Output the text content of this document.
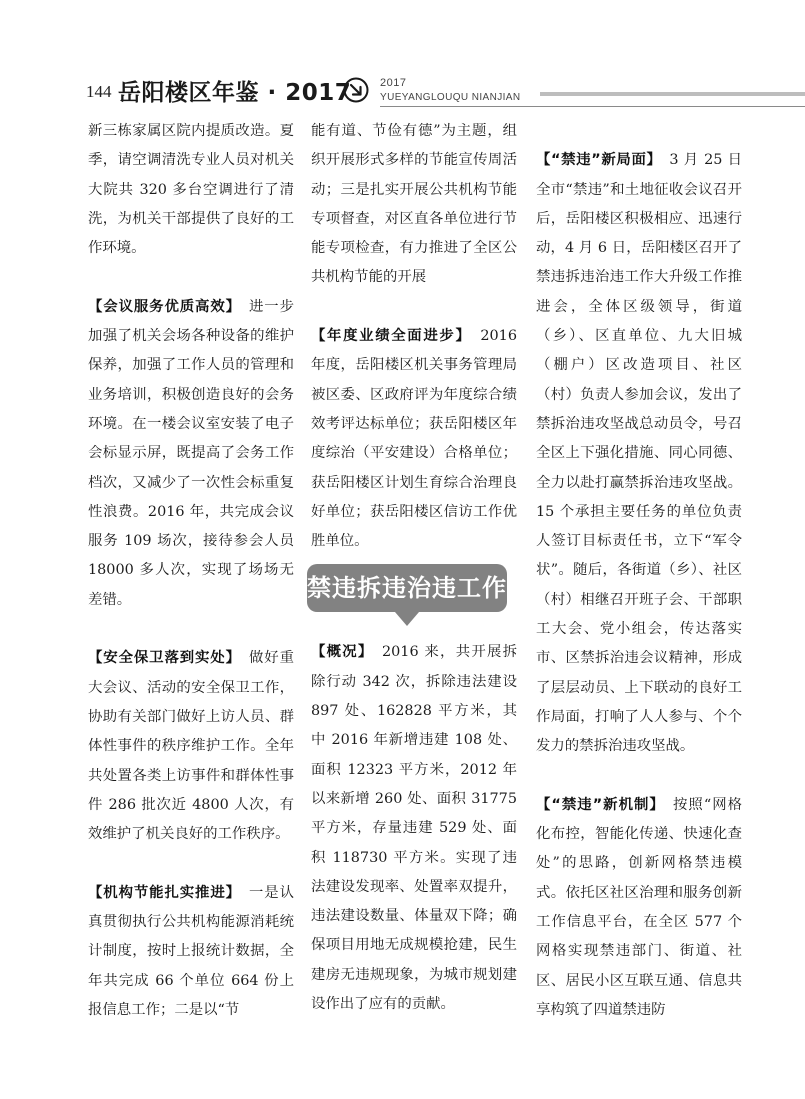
144 岳阳楼区年鉴 · 2017	2017
YUEYANGLOUQU NIANJIAN

新三栋家属区院内提质改造。夏季，请空调清洗专业人员对机关大院共 320 多台空调进行了清洗，为机关干部提供了良好的工作环境。

【会议服务优质高效】　进一步加强了机关会场各种设备的维护保养，加强了工作人员的管理和业务培训，积极创造良好的会务环境。在一楼会议室安装了电子会标显示屏，既提高了会务工作档次，又减少了一次性会标重复性浪费。2016 年，共完成会议服务 109 场次，接待参会人员 18000 多人次，实现了场场无差错。

【安全保卫落到实处】　做好重大会议、活动的安全保卫工作，协助有关部门做好上访人员、群体性事件的秩序维护工作。全年共处置各类上访事件和群体性事件 286 批次近 4800 人次，有效维护了机关良好的工作秩序。

【机构节能扎实推进】　一是认真贯彻执行公共机构能源消耗统计制度，按时上报统计数据，全年共完成 66 个单位 664 份上报信息工作；二是以“节

能有道、节俭有德”为主题，组织开展形式多样的节能宣传周活动；三是扎实开展公共机构节能专项督查，对区直各单位进行节能专项检查，有力推进了全区公共机构节能的开展

【年度业绩全面进步】　2016 年度，岳阳楼区机关事务管理局被区委、区政府评为年度综合绩效考评达标单位；获岳阳楼区年度综治（平安建设）合格单位；获岳阳楼区计划生育综合治理良好单位；获岳阳楼区信访工作优胜单位。

禁违拆违治违工作

【概况】　2016 来，共开展拆除行动 342 次，拆除违法建设 897 处、162828 平方米，其中 2016 年新增违建 108 处、面积 12323 平方米，2012 年以来新增 260 处、面积 31775 平方米，存量违建 529 处、面积 118730 平方米。实现了违法建设发现率、处置率双提升，违法建设数量、体量双下降；确保项目用地无成规模抢建，民生建房无违规现象，为城市规划建设作出了应有的贡献。

【“禁违”新局面】　3 月 25 日全市“禁违”和土地征收会议召开后，岳阳楼区积极相应、迅速行动，4 月 6 日，岳阳楼区召开了禁违拆违治违工作大升级工作推进会，全体区级领导，街道（乡）、区直单位、九大旧城（棚户）区改造项目、社区（村）负责人参加会议，发出了禁拆治违攻坚战总动员令，号召全区上下强化措施、同心同德、全力以赴打赢禁拆治违攻坚战。15 个承担主要任务的单位负责人签订目标责任书，立下“军令状”。随后，各街道（乡）、社区（村）相继召开班子会、干部职工大会、党小组会，传达落实市、区禁拆治违会议精神，形成了层层动员、上下联动的良好工作局面，打响了人人参与、个个发力的禁拆治违攻坚战。

【“禁违”新机制】　按照“网格化布控，智能化传递、快速化查处”的思路，创新网格禁违模式。依托区社区治理和服务创新工作信息平台，在全区 577 个网格实现禁违部门、街道、社区、居民小区互联互通、信息共享构筑了四道禁违防
